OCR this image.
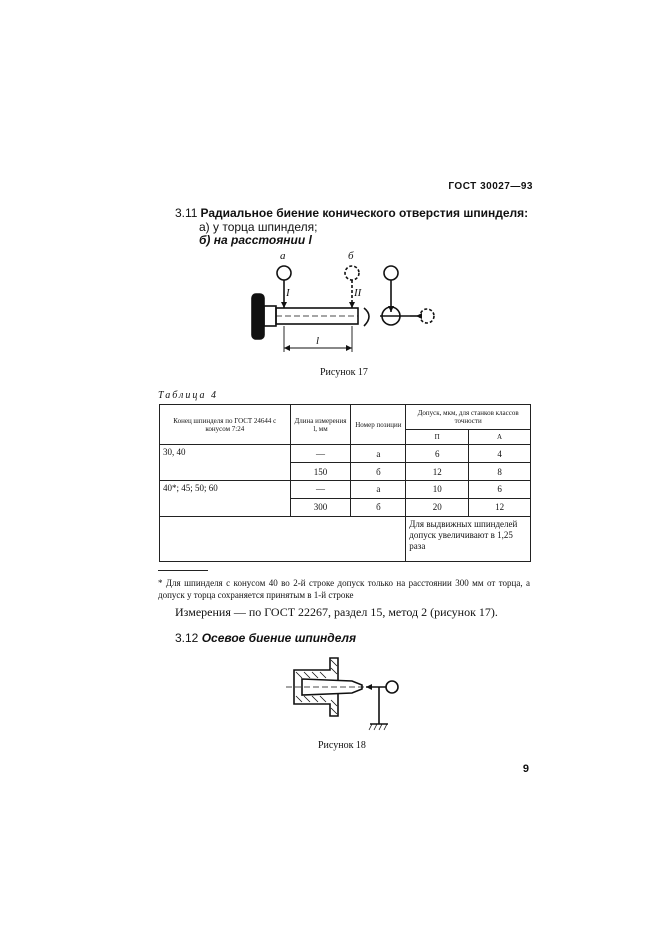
ГОСТ 30027—93
3.11 Радиальное биение конического отверстия шпинделя:
а) у торца шпинделя;
б) на расстоянии l
а	б
I	II
l
Рисунок 17
Таблица 4
Конец шпинделя по ГОСТ 24644 с конусом 7:24	Длина измерения l, мм	Номер позиции	Допуск, мкм, для станков классов точности	
			П	А
30, 40	—	а	6	4
	150	б	12	8
40*; 45; 50; 60	—	а	10	6
	300	б	20	12
			Для выдвижных шпинделей допуск увеличивают в 1,25 раза	
* Для шпинделя с конусом 40 во 2-й строке допуск только на расстоянии 300 мм от торца, а допуск у торца сохраняется принятым в 1-й строке
Измерения — по ГОСТ 22267, раздел 15, метод 2 (рисунок 17).
3.12 Осевое биение шпинделя
Рисунок 18
9
